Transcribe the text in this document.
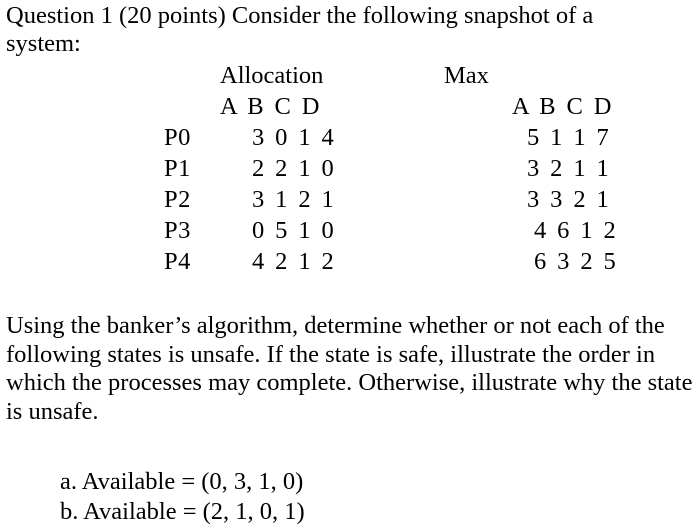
Question 1 (20 points) Consider the following snapshot of a
system:
Allocation	Max
A B C D	A B C D
P0 3 0 1 4	5 1 1 7
P1 2 2 1 0	3 2 1 1
P2 3 1 2 1	3 3 2 1
P3 0 5 1 0	4 6 1 2
P4 4 2 1 2	6 3 2 5
Using the banker’s algorithm, determine whether or not each of the following states is unsafe. If the state is safe, illustrate the order in which the processes may complete. Otherwise, illustrate why the state is unsafe.
a. Available = (0, 3, 1, 0)
b. Available = (2, 1, 0, 1)
